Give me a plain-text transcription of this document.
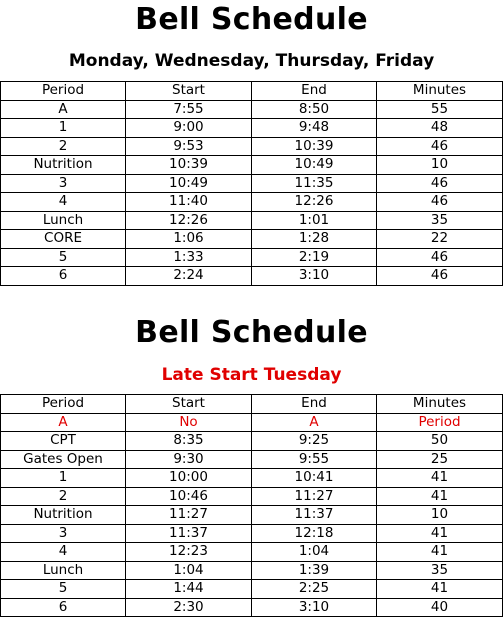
Bell Schedule
Monday, Wednesday, Thursday, Friday
Period	Start	End	Minutes
A	7:55	8:50	55
1	9:00	9:48	48
2	9:53	10:39	46
Nutrition	10:39	10:49	10
3	10:49	11:35	46
4	11:40	12:26	46
Lunch	12:26	1:01	35
CORE	1:06	1:28	22
5	1:33	2:19	46
6	2:24	3:10	46
Bell Schedule
Late Start Tuesday
Period	Start	End	Minutes
A	No	A	Period
CPT	8:35	9:25	50
Gates Open	9:30	9:55	25
1	10:00	10:41	41
2	10:46	11:27	41
Nutrition	11:27	11:37	10
3	11:37	12:18	41
4	12:23	1:04	41
Lunch	1:04	1:39	35
5	1:44	2:25	41
6	2:30	3:10	40
